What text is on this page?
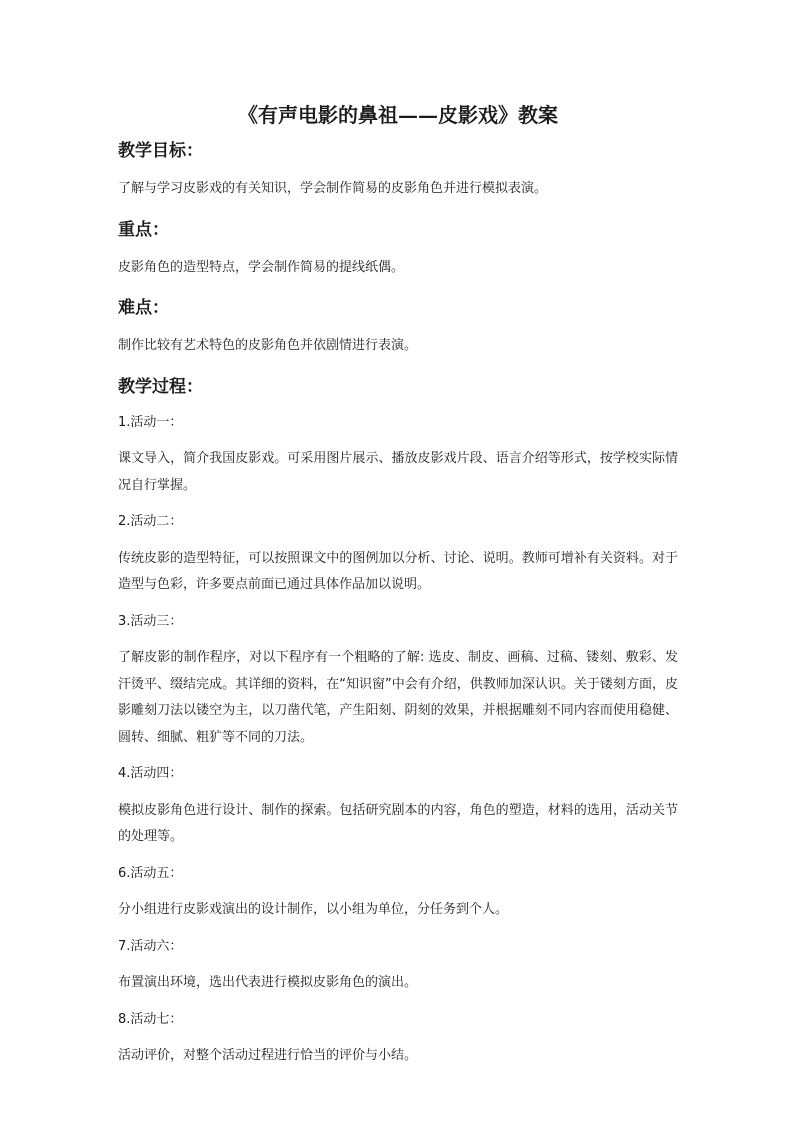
《有声电影的鼻祖——皮影戏》教案
教学目标：

了解与学习皮影戏的有关知识，学会制作简易的皮影角色并进行模拟表演。

重点：

皮影角色的造型特点，学会制作简易的提线纸偶。

难点：

制作比较有艺术特色的皮影角色并依剧情进行表演。

教学过程：

1.活动一：

课文导入，简介我国皮影戏。可采用图片展示、播放皮影戏片段、语言介绍等形式，按学校实际情况自行掌握。

2.活动二：

传统皮影的造型特征，可以按照课文中的图例加以分析、讨论、说明。教师可增补有关资料。对于造型与色彩，许多要点前面已通过具体作品加以说明。

3.活动三：

了解皮影的制作程序，对以下程序有一个粗略的了解: 选皮、制皮、画稿、过稿、镂刻、敷彩、发汗烫平、缀结完成。其详细的资料，在“知识窗”中会有介绍，供教师加深认识。关于镂刻方面，皮影雕刻刀法以镂空为主，以刀凿代笔，产生阳刻、阴刻的效果，并根据雕刻不同内容而使用稳健、圆转、细腻、粗犷等不同的刀法。

4.活动四：

模拟皮影角色进行设计、制作的探索。包括研究剧本的内容，角色的塑造，材料的选用，活动关节的处理等。

6.活动五：

分小组进行皮影戏演出的设计制作，以小组为单位，分任务到个人。

7.活动六：

布置演出环境，选出代表进行模拟皮影角色的演出。

8.活动七：

活动评价，对整个活动过程进行恰当的评价与小结。
